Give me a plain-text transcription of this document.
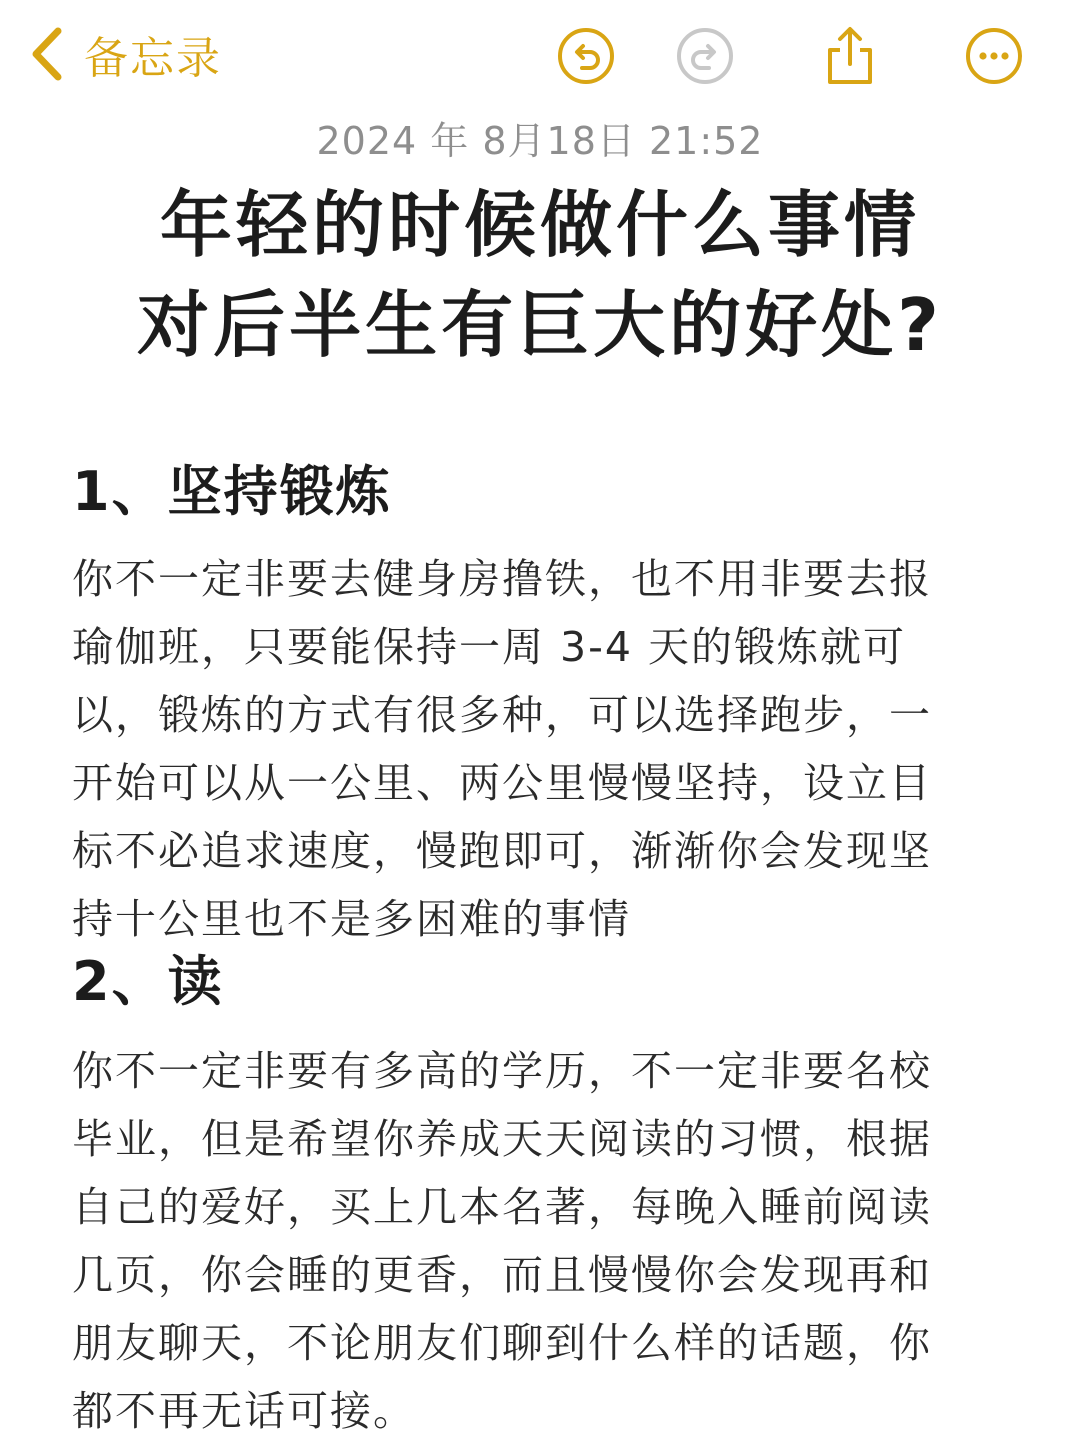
备忘录
2024 年 8月18日 21:52
年轻的时候做什么事情
对后半生有巨大的好处?
1、坚持锻炼
你不一定非要去健身房撸铁，也不用非要去报
瑜伽班，只要能保持一周 3-4 天的锻炼就可
以，锻炼的方式有很多种，可以选择跑步，一
开始可以从一公里、两公里慢慢坚持，设立目
标不必追求速度，慢跑即可，渐渐你会发现坚
持十公里也不是多困难的事情
2、读
你不一定非要有多高的学历，不一定非要名校
毕业，但是希望你养成天天阅读的习惯，根据
自己的爱好，买上几本名著，每晚入睡前阅读
几页，你会睡的更香，而且慢慢你会发现再和
朋友聊天，不论朋友们聊到什么样的话题，你
都不再无话可接。
